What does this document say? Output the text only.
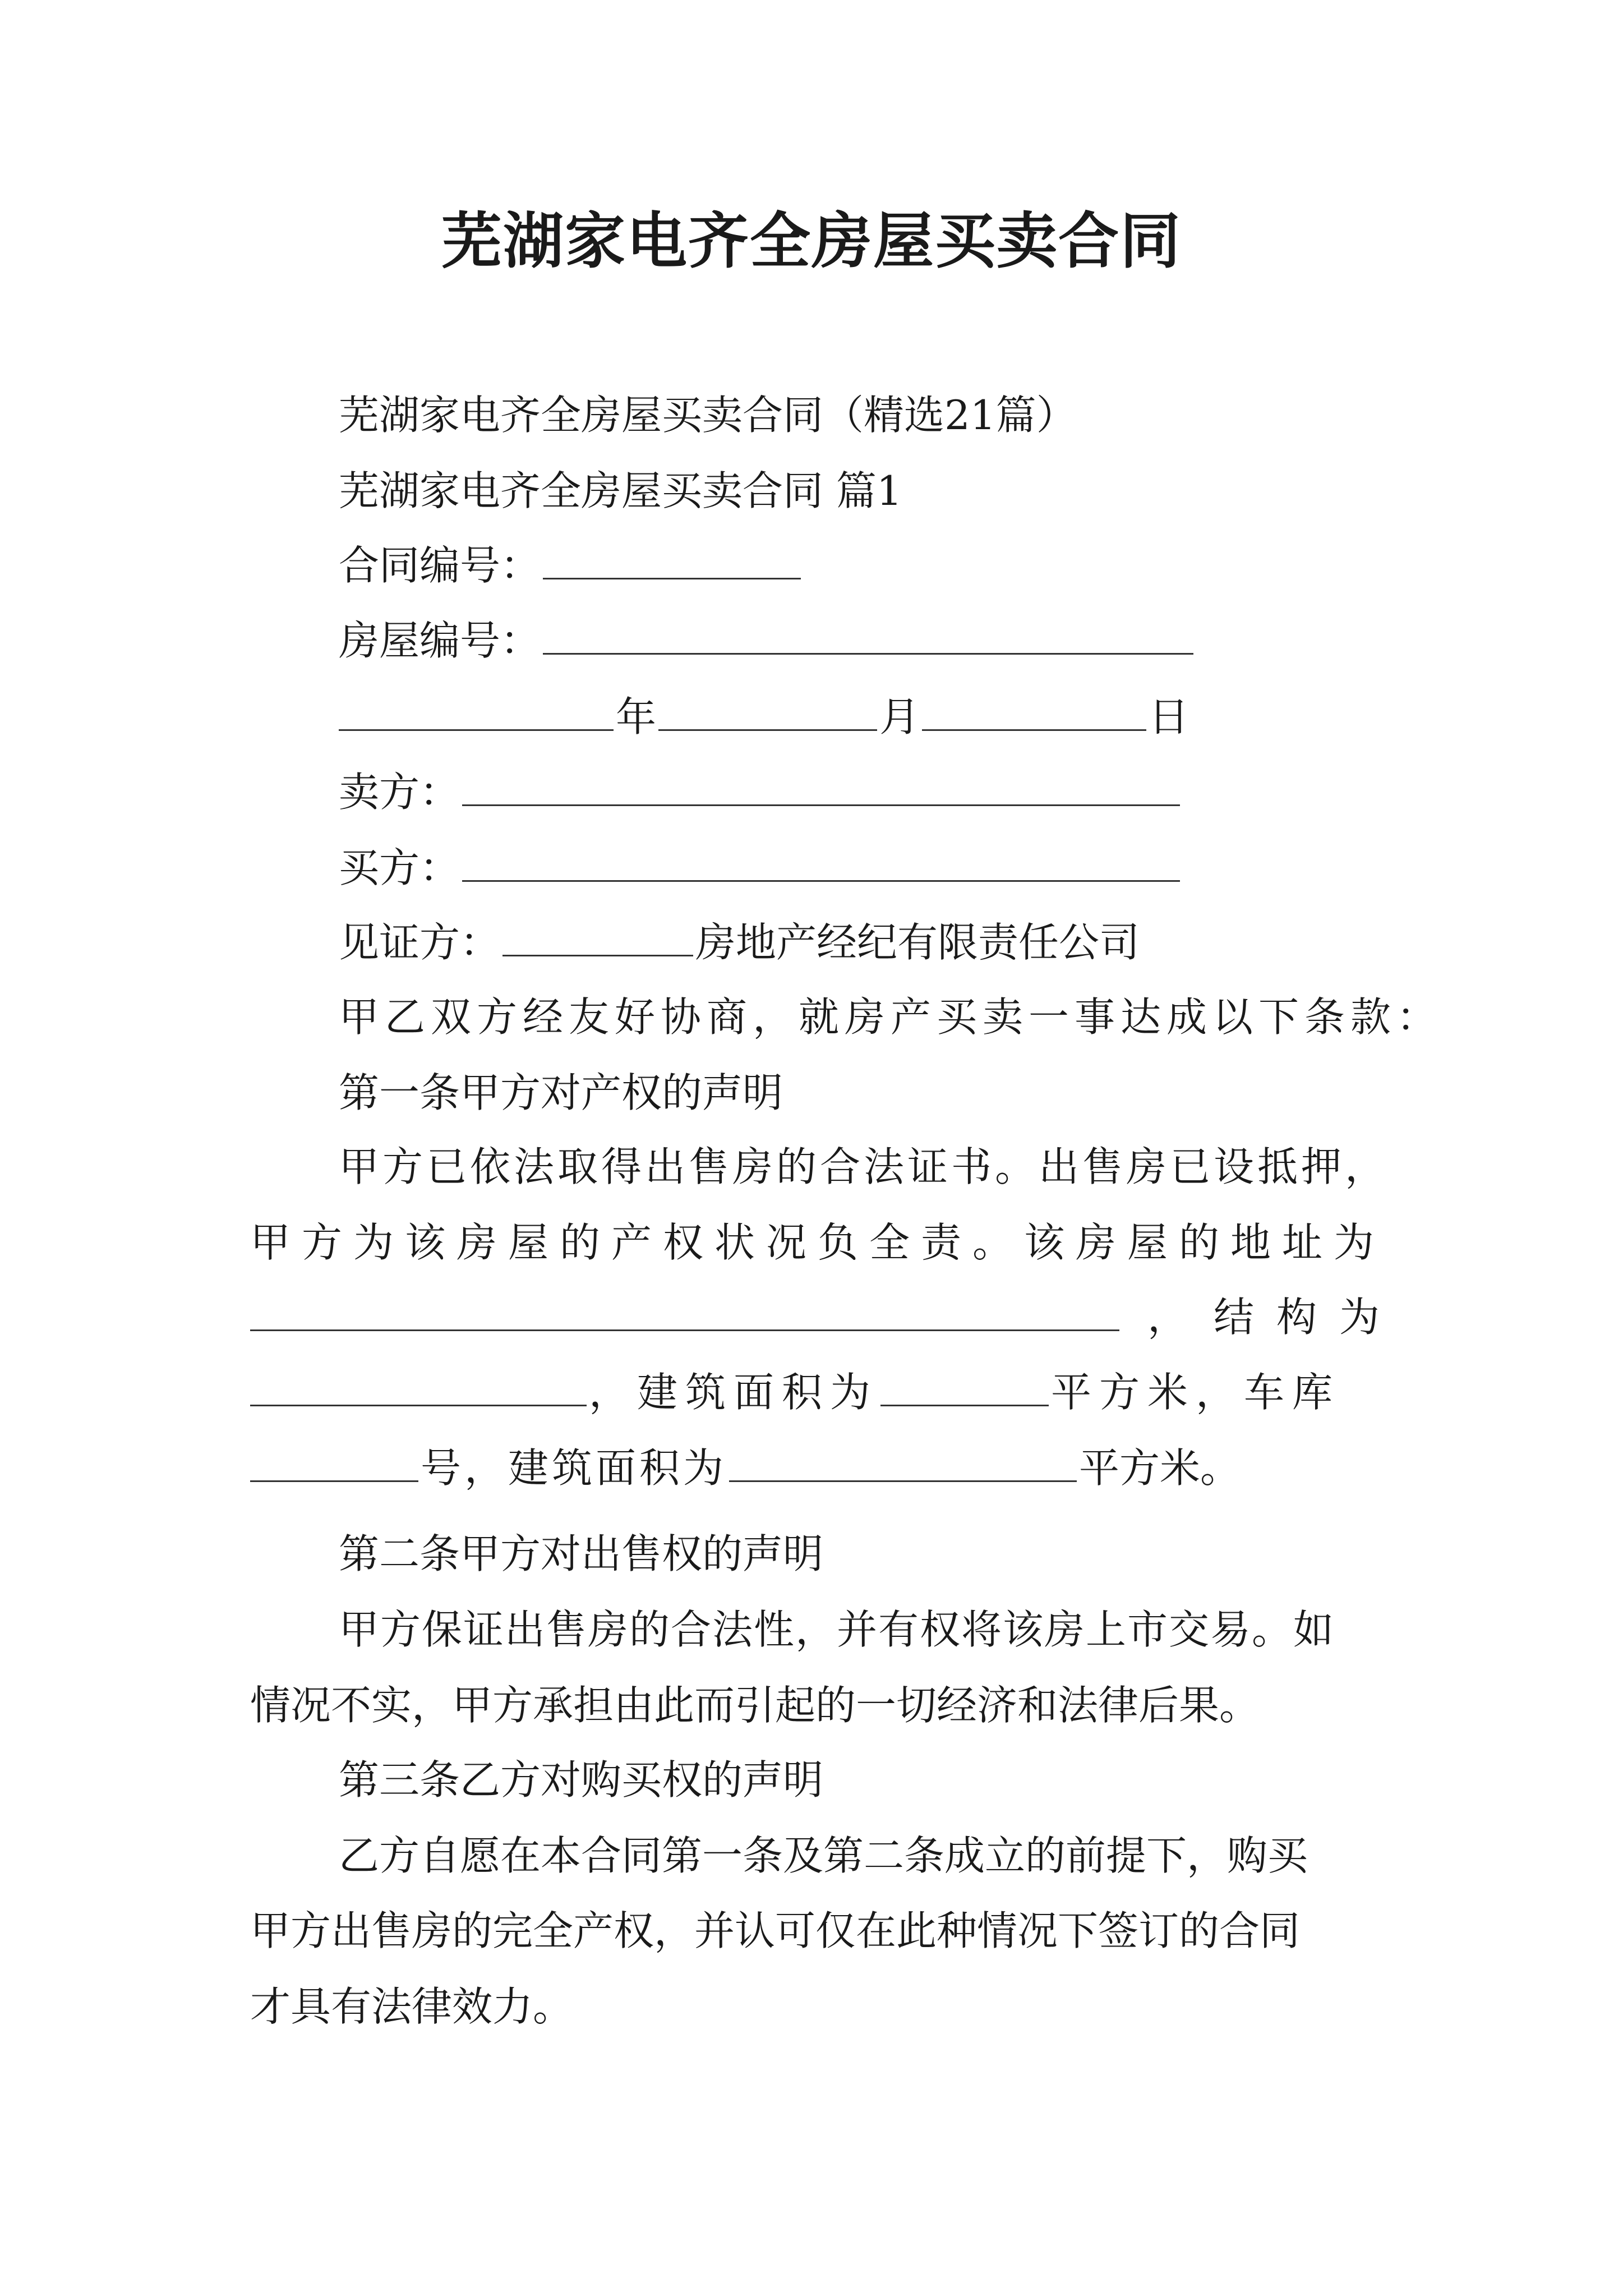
芜湖家电齐全房屋买卖合同
芜湖家电齐全房屋买卖合同（精选21篇）
芜湖家电齐全房屋买卖合同 篇1
合同编号：
房屋编号：
年	月	日
卖方：
买方：
见证方：	房地产经纪有限责任公司
甲乙双方经友好协商，就房产买卖一事达成以下条款：
第一条甲方对产权的声明
甲方已依法取得出售房的合法证书。出售房已设抵押，
甲方为该房屋的产权状况负全责。该房屋的地址为
， 结构为
，建筑面积为	平方米，车库
号，建筑面积为	平方米。
第二条甲方对出售权的声明
甲方保证出售房的合法性，并有权将该房上市交易。如
情况不实，甲方承担由此而引起的一切经济和法律后果。
第三条乙方对购买权的声明
乙方自愿在本合同第一条及第二条成立的前提下，购买
甲方出售房的完全产权，并认可仅在此种情况下签订的合同
才具有法律效力。
